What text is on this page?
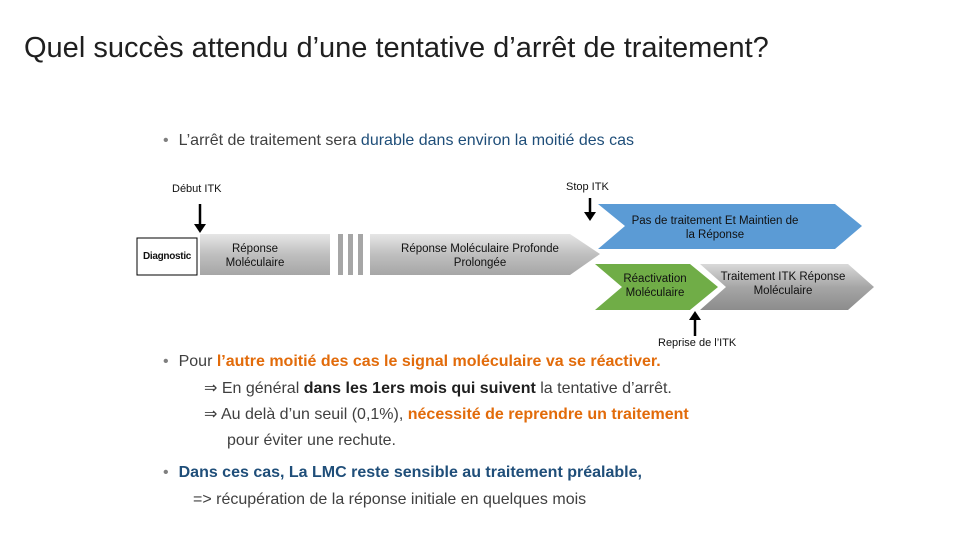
Quel succès attendu d’une tentative d’arrêt de traitement?
• L’arrêt de traitement sera durable dans environ la moitié des cas
Début ITK	Stop ITK
Diagnostic
Réponse Moléculaire
Réponse Moléculaire Profonde Prolongée
Pas de traitement Et Maintien de la Réponse
Réactivation Moléculaire
Traitement ITK Réponse Moléculaire
Reprise de l’ITK
• Pour l’autre moitié des cas le signal moléculaire va se réactiver.
⇒ En général dans les 1ers mois qui suivent la tentative d’arrêt.
⇒ Au delà d’un seuil (0,1%), nécessité de reprendre un traitement
pour éviter une rechute.
• Dans ces cas, La LMC reste sensible au traitement préalable,
=> récupération de la réponse initiale en quelques mois
